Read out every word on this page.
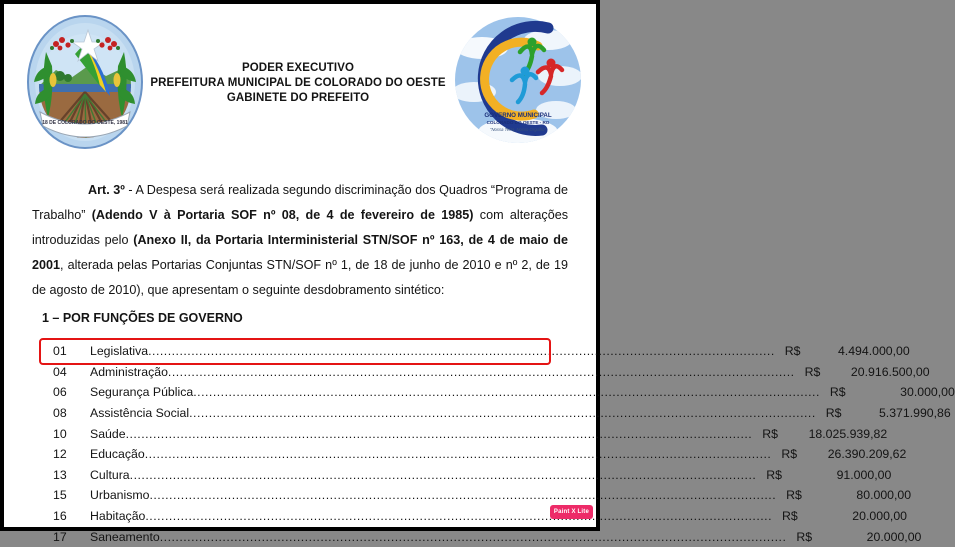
18 DE COLORADO DO OESTE, 1981
PODER EXECUTIVO
PREFEITURA MUNICIPAL DE COLORADO DO OESTE
GABINETE DO PREFEITO
GOVERNO MUNICIPAL
COLORADO DO OESTE - RO
"Nossa Terra, Nosso Orgulho"

Art. 3º - A Despesa será realizada segundo discriminação dos Quadros “Programa de Trabalho” (Adendo V à Portaria SOF nº 08, de 4 de fevereiro de 1985) com alterações introduzidas pelo (Anexo II, da Portaria Interministerial STN/SOF nº 163, de 4 de maio de 2001, alterada pelas Portarias Conjuntas STN/SOF nº 1, de 18 de junho de 2010 e nº 2, de 19 de agosto de 2010), que apresentam o seguinte desdobramento sintético:

1 – POR FUNÇÕES DE GOVERNO
01	Legislativa .....	R$	4.494.000,00
04	Administração .....	R$	20.916.500,00
06	Segurança Pública .....	R$	30.000,00
08	Assistência Social .....	R$	5.371.990,86
10	Saúde .....	R$	18.025.939,82
12	Educação .....	R$	26.390.209,62
13	Cultura .....	R$	91.000,00
15	Urbanismo .....	R$	80.000,00
16	Habitação .....	R$	20.000,00
17	Saneamento .....	R$	20.000,00
Paint X Lite
